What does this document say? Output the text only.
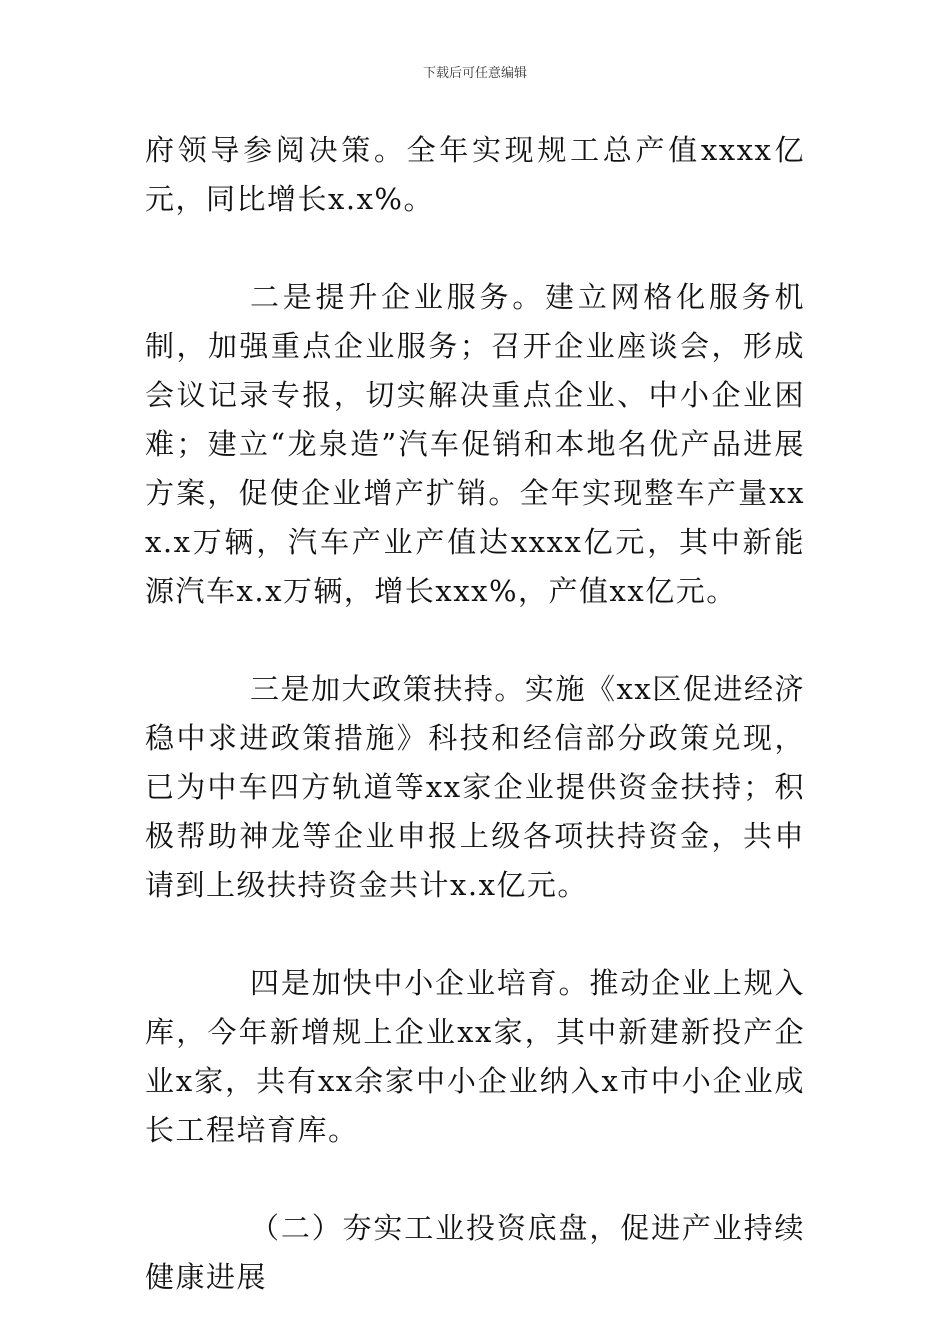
下载后可任意编辑

府领导参阅决策。全年实现规工总产值xxxx亿元，同比增长x.x%。

二是提升企业服务。建立网格化服务机制，加强重点企业服务；召开企业座谈会，形成会议记录专报，切实解决重点企业、中小企业困难；建立“龙泉造”汽车促销和本地名优产品进展方案，促使企业增产扩销。全年实现整车产量xxx.x万辆，汽车产业产值达xxxx亿元，其中新能源汽车x.x万辆，增长xxx%，产值xx亿元。

三是加大政策扶持。实施《xx区促进经济稳中求进政策措施》科技和经信部分政策兑现，已为中车四方轨道等xx家企业提供资金扶持；积极帮助神龙等企业申报上级各项扶持资金，共申请到上级扶持资金共计x.x亿元。

四是加快中小企业培育。推动企业上规入库，今年新增规上企业xx家，其中新建新投产企业x家，共有xx余家中小企业纳入x市中小企业成长工程培育库。

（二）夯实工业投资底盘，促进产业持续健康进展
